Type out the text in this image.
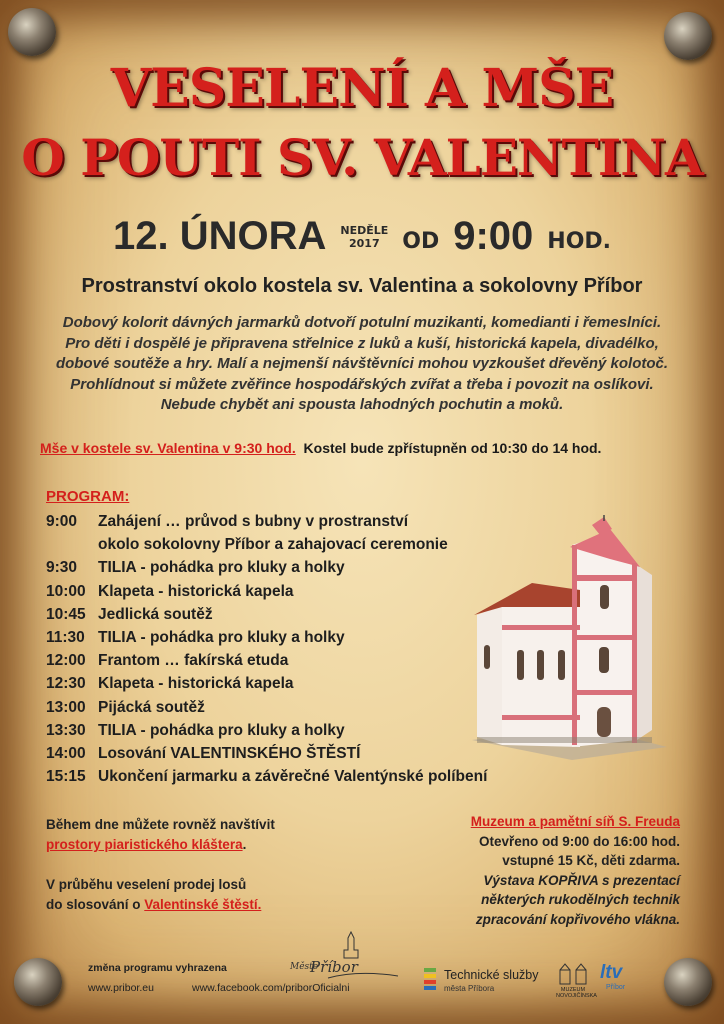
VESELENÍ A MŠE
O POUTI SV. VALENTINA
12. ÚNORA NEDĚLE
2017	OD 9:00 HOD.
Prostranství okolo kostela sv. Valentina a sokolovny Příbor
Dobový kolorit dávných jarmarků dotvoří potulní muzikanti, komedianti i řemeslníci.
Pro děti i dospělé je připravena střelnice z luků a kuší, historická kapela, divadélko,
dobové soutěže a hry. Malí a nejmenší návštěvníci mohou vyzkoušet dřevěný kolotoč.
Prohlídnout si můžete zvěřince hospodářských zvířat a třeba i povozit na oslíkovi.
Nebude chybět ani spousta lahodných pochutin a moků.
Mše v kostele sv. Valentina v 9:30 hod. Kostel bude zpřístupněn od 10:30 do 14 hod.
PROGRAM:
9:00	Zahájení … průvod s bubny v prostranství
okolo sokolovny Příbor a zahajovací ceremonie
9:30	TILIA - pohádka pro kluky a holky
10:00 Klapeta - historická kapela
10:45 Jedlická soutěž
11:30 TILIA - pohádka pro kluky a holky
12:00 Frantom … fakírská etuda
12:30 Klapeta - historická kapela
13:00 Pijácká soutěž
13:30 TILIA - pohádka pro kluky a holky
14:00 Losování VALENTINSKÉHO ŠTĚSTÍ
15:15 Ukončení jarmarku a závěrečné Valentýnské políbení
Během dne můžete rovněž navštívit
prostory piaristického kláštera.
V průběhu veselení prodej losů
do slosování o Valentinské štěstí.
Muzeum a pamětní síň S. Freuda
Otevřeno od 9:00 do 16:00 hod.
vstupné 15 Kč, děti zdarma.
Výstava KOPŘIVA s prezentací
některých rukodělných technik
zpracování kopřivového vlákna.
změna programu vyhrazena
www.pribor.eu	www.facebook.com/priborOficialni
Město
Příbor	Technické služby
města Příbora	MUZEUM NOVOJIČÍNSKA
ltv
Příbor
